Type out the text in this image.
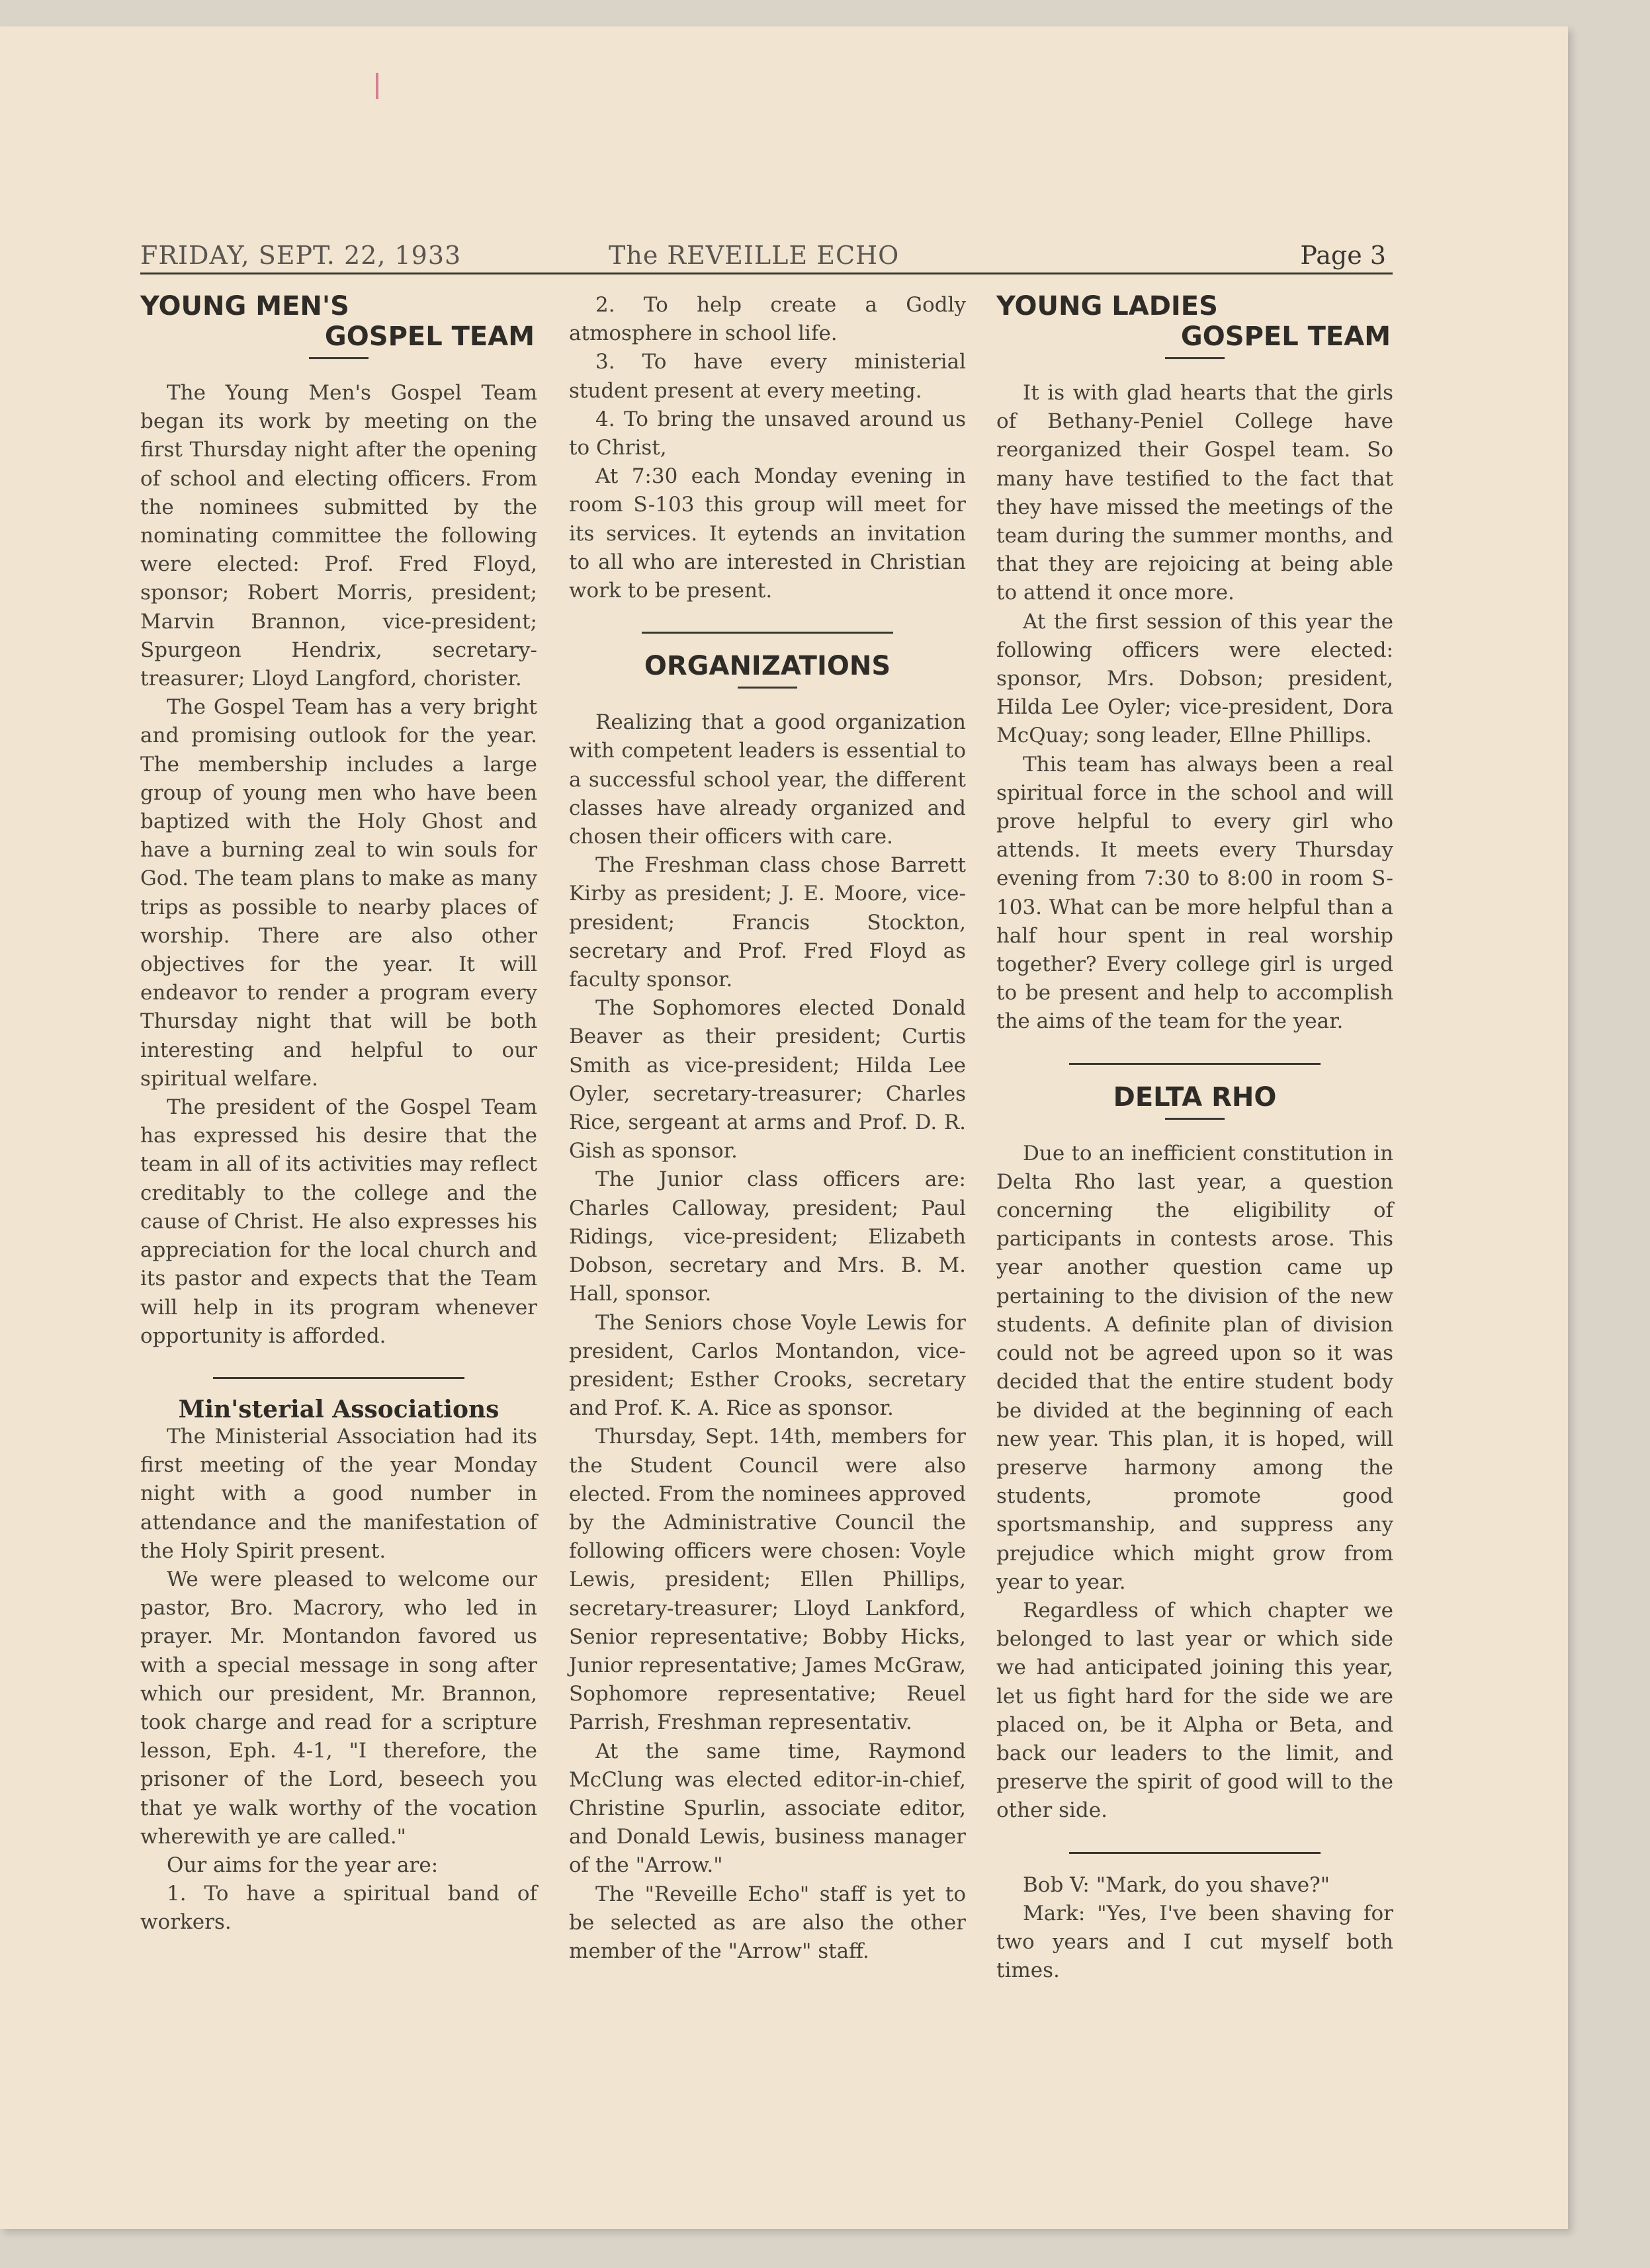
FRIDAY, SEPT. 22, 1933	The REVEILLE ECHO	Page 3
YOUNG MEN'S
GOSPEL TEAM

The Young Men's Gospel Team began its work by meeting on the first Thursday night after the opening of school and electing officers. From the nominees submitted by the nominating committee the following were elected: Prof. Fred Floyd, sponsor; Robert Morris, president; Marvin Brannon, vice-president; Spurgeon Hendrix, secretary-treasurer; Lloyd Langford, chorister.

The Gospel Team has a very bright and promising outlook for the year. The membership includes a large group of young men who have been baptized with the Holy Ghost and have a burning zeal to win souls for God. The team plans to make as many trips as possible to nearby places of worship. There are also other objectives for the year. It will endeavor to render a program every Thursday night that will be both interesting and helpful to our spiritual welfare.

The president of the Gospel Team has expressed his desire that the team in all of its activities may reflect creditably to the college and the cause of Christ. He also expresses his appreciation for the local church and its pastor and expects that the Team will help in its program whenever opportunity is afforded.

Min'sterial Associations

The Ministerial Association had its first meeting of the year Monday night with a good number in attendance and the manifestation of the Holy Spirit present.

We were pleased to welcome our pastor, Bro. Macrory, who led in prayer. Mr. Montandon favored us with a special message in song after which our president, Mr. Brannon, took charge and read for a scripture lesson, Eph. 4-1, "I therefore, the prisoner of the Lord, beseech you that ye walk worthy of the vocation wherewith ye are called."

Our aims for the year are:

1. To have a spiritual band of workers.

2. To help create a Godly atmosphere in school life.

3. To have every ministerial student present at every meeting.

4. To bring the unsaved around us to Christ,

At 7:30 each Monday evening in room S-103 this group will meet for its services. It eytends an invitation to all who are interested in Christian work to be present.

ORGANIZATIONS

Realizing that a good organization with competent leaders is essential to a successful school year, the different classes have already organized and chosen their officers with care.

The Freshman class chose Barrett Kirby as president; J. E. Moore, vice-president; Francis Stockton, secretary and Prof. Fred Floyd as faculty sponsor.

The Sophomores elected Donald Beaver as their president; Curtis Smith as vice-president; Hilda Lee Oyler, secretary-treasurer; Charles Rice, sergeant at arms and Prof. D. R. Gish as sponsor.

The Junior class officers are: Charles Calloway, president; Paul Ridings, vice-president; Elizabeth Dobson, secretary and Mrs. B. M. Hall, sponsor.

The Seniors chose Voyle Lewis for president, Carlos Montandon, vice-president; Esther Crooks, secretary and Prof. K. A. Rice as sponsor.

Thursday, Sept. 14th, members for the Student Council were also elected. From the nominees approved by the Administrative Council the following officers were chosen: Voyle Lewis, president; Ellen Phillips, secretary-treasurer; Lloyd Lankford, Senior representative; Bobby Hicks, Junior representative; James McGraw, Sophomore representative; Reuel Parrish, Freshman representativ.

At the same time, Raymond McClung was elected editor-in-chief, Christine Spurlin, associate editor, and Donald Lewis, business manager of the "Arrow."

The "Reveille Echo" staff is yet to be selected as are also the other member of the "Arrow" staff.

YOUNG LADIES
GOSPEL TEAM

It is with glad hearts that the girls of Bethany-Peniel College have reorganized their Gospel team. So many have testified to the fact that they have missed the meetings of the team during the summer months, and that they are rejoicing at being able to attend it once more.

At the first session of this year the following officers were elected: sponsor, Mrs. Dobson; president, Hilda Lee Oyler; vice-president, Dora McQuay; song leader, Ellne Phillips.

This team has always been a real spiritual force in the school and will prove helpful to every girl who attends. It meets every Thursday evening from 7:30 to 8:00 in room S-103. What can be more helpful than a half hour spent in real worship together? Every college girl is urged to be present and help to accomplish the aims of the team for the year.

DELTA RHO

Due to an inefficient constitution in Delta Rho last year, a question concerning the eligibility of participants in contests arose. This year another question came up pertaining to the division of the new students. A definite plan of division could not be agreed upon so it was decided that the entire student body be divided at the beginning of each new year. This plan, it is hoped, will preserve harmony among the students, promote good sportsmanship, and suppress any prejudice which might grow from year to year.

Regardless of which chapter we belonged to last year or which side we had anticipated joining this year, let us fight hard for the side we are placed on, be it Alpha or Beta, and back our leaders to the limit, and preserve the spirit of good will to the other side.

Bob V: "Mark, do you shave?"

Mark: "Yes, I've been shaving for two years and I cut myself both times.
